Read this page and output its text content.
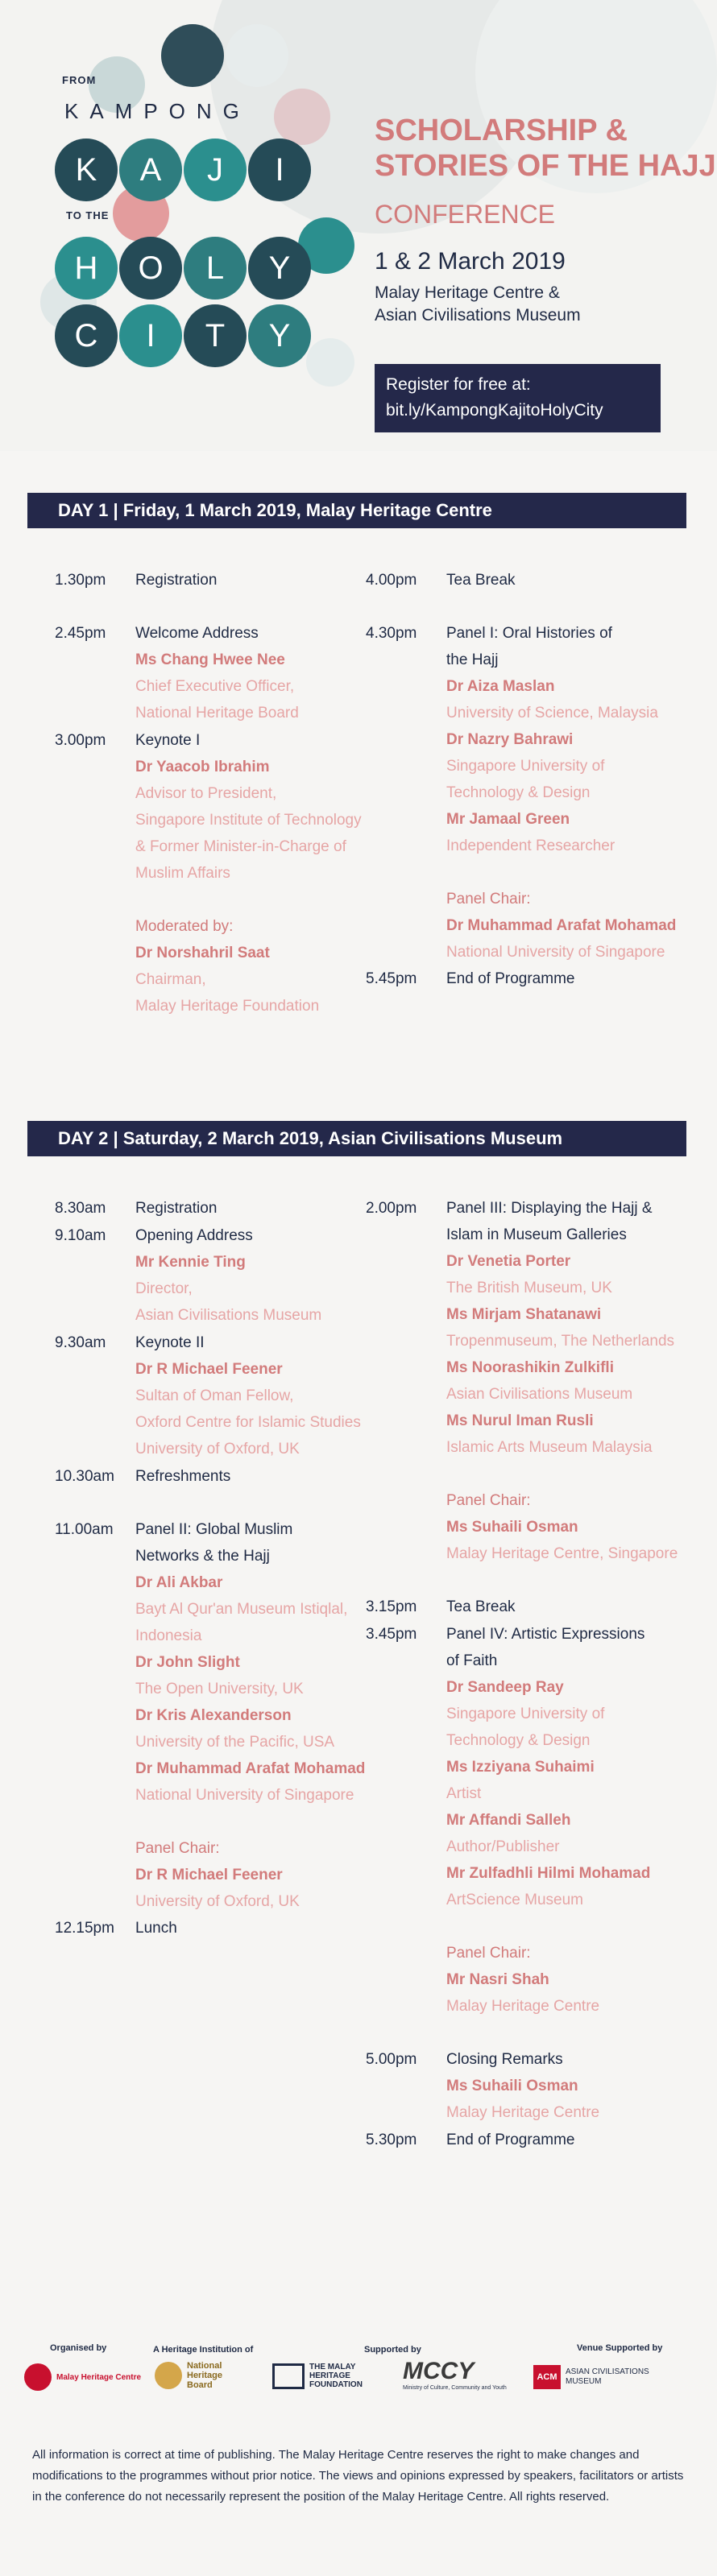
FROM
KAMPONG
K	A	J	I
TO THE
H	O	L	Y
C	I	T	Y
SCHOLARSHIP &
STORIES OF THE HAJJ
CONFERENCE
1 & 2 March 2019
Malay Heritage Centre &
Asian Civilisations Museum
Register for free at:
bit.ly/KampongKajitoHolyCity
DAY 1 | Friday, 1 March 2019, Malay Heritage Centre
1.30pm Registration
2.45pm Welcome Address
Ms Chang Hwee Nee
Chief Executive Officer,
National Heritage Board
3.00pm Keynote I
Dr Yaacob Ibrahim
Advisor to President,
Singapore Institute of Technology
& Former Minister-in-Charge of
Muslim Affairs

Moderated by:
Dr Norshahril Saat
Chairman,
Malay Heritage Foundation
4.00pm Tea Break
4.30pm Panel I: Oral Histories of
the Hajj
Dr Aiza Maslan
University of Science, Malaysia
Dr Nazry Bahrawi
Singapore University of
Technology & Design
Mr Jamaal Green
Independent Researcher

Panel Chair:
Dr Muhammad Arafat Mohamad
National University of Singapore
5.45pm End of Programme
DAY 2 | Saturday, 2 March 2019, Asian Civilisations Museum
8.30am Registration
9.10am Opening Address
Mr Kennie Ting
Director,
Asian Civilisations Museum
9.30am Keynote II
Dr R Michael Feener
Sultan of Oman Fellow,
Oxford Centre for Islamic Studies
University of Oxford, UK
10.30am Refreshments
11.00am Panel II: Global Muslim
Networks & the Hajj
Dr Ali Akbar
Bayt Al Qur'an Museum Istiqlal,
Indonesia
Dr John Slight
The Open University, UK
Dr Kris Alexanderson
University of the Pacific, USA
Dr Muhammad Arafat Mohamad
National University of Singapore

Panel Chair:
Dr R Michael Feener
University of Oxford, UK
12.15pm Lunch
2.00pm Panel III: Displaying the Hajj &
Islam in Museum Galleries
Dr Venetia Porter
The British Museum, UK
Ms Mirjam Shatanawi
Tropenmuseum, The Netherlands
Ms Noorashikin Zulkifli
Asian Civilisations Museum
Ms Nurul Iman Rusli
Islamic Arts Museum Malaysia

Panel Chair:
Ms Suhaili Osman
Malay Heritage Centre, Singapore
3.15pm Tea Break
3.45pm Panel IV: Artistic Expressions
of Faith
Dr Sandeep Ray
Singapore University of
Technology & Design
Ms Izziyana Suhaimi
Artist
Mr Affandi Salleh
Author/Publisher
Mr Zulfadhli Hilmi Mohamad
ArtScience Museum

Panel Chair:
Mr Nasri Shah
Malay Heritage Centre
5.00pm Closing Remarks
Ms Suhaili Osman
Malay Heritage Centre
5.30pm End of Programme
Organised by	A Heritage Institution of	Supported by	Venue Supported by
Malay Heritage Centre
National
Heritage
Board
THE MALAY
HERITAGE
FOUNDATION
MCCY
Ministry of Culture, Community and Youth
ACM
ASIAN CIVILISATIONS
MUSEUM
All information is correct at time of publishing. The Malay Heritage Centre reserves the right to make changes and modifications to the programmes without prior notice. The views and opinions expressed by speakers, facilitators or artists in the conference do not necessarily represent the position of the Malay Heritage Centre. All rights reserved.
